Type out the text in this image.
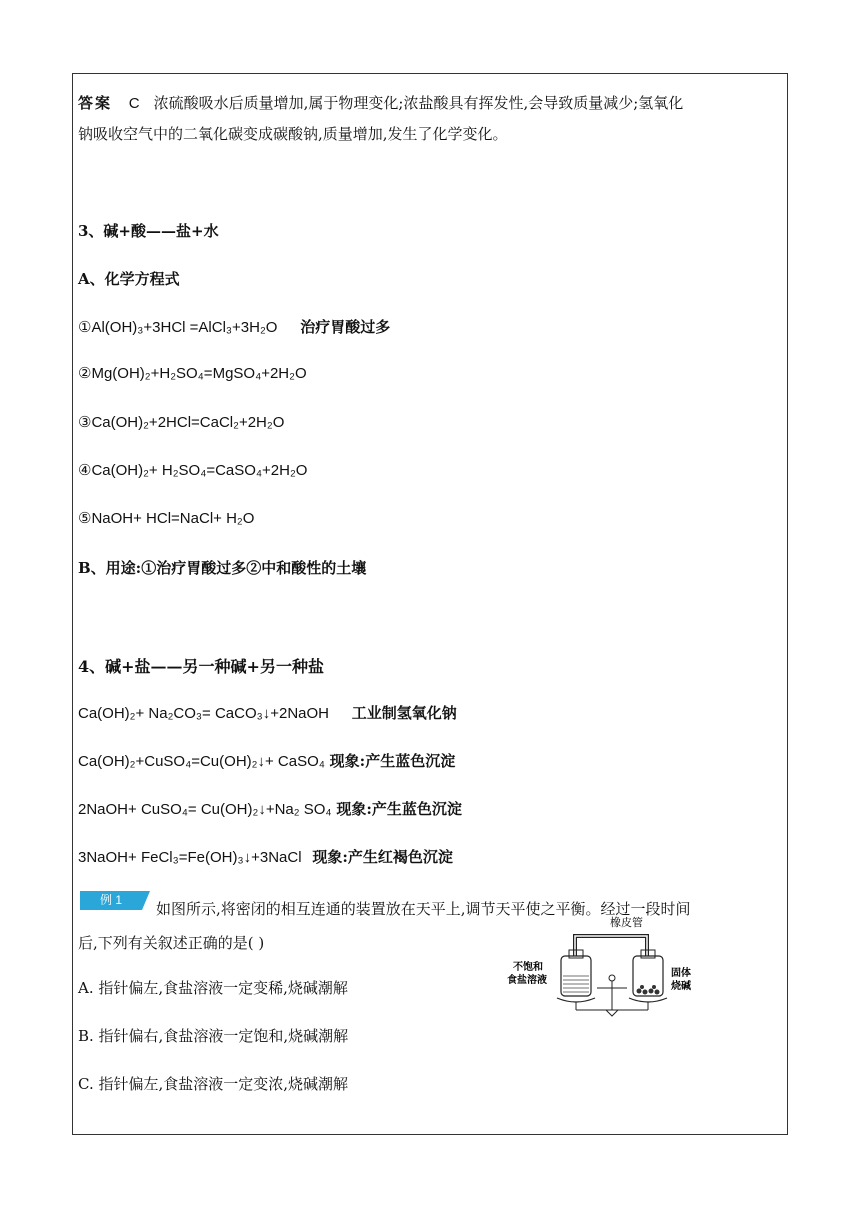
答案 C 浓硫酸吸水后质量增加,属于物理变化;浓盐酸具有挥发性,会导致质量减少;氢氧化
钠吸收空气中的二氧化碳变成碳酸钠,质量增加,发生了化学变化。
3、碱+酸——盐+水
A、化学方程式
①Al(OH)₃+3HCl =AlCl₃+3H₂O 治疗胃酸过多
②Mg(OH)₂+H₂SO₄=MgSO₄+2H₂O
③Ca(OH)₂+2HCl=CaCl₂+2H₂O
④Ca(OH)₂+ H₂SO₄=CaSO₄+2H₂O
⑤NaOH+ HCl=NaCl+ H₂O
B、用途:①治疗胃酸过多②中和酸性的土壤
4、碱+盐——另一种碱+另一种盐
Ca(OH)₂+ Na₂CO₃= CaCO₃↓+2NaOH 工业制氢氧化钠
Ca(OH)₂+CuSO₄=Cu(OH)₂↓+ CaSO₄ 现象:产生蓝色沉淀
2NaOH+ CuSO₄= Cu(OH)₂↓+Na₂ SO₄ 现象:产生蓝色沉淀
3NaOH+ FeCl₃=Fe(OH)₃↓+3NaCl 现象:产生红褐色沉淀
例 1	如图所示,将密闭的相互连通的装置放在天平上,调节天平使之平衡。经过一段时间
后,下列有关叙述正确的是( )
A. 指针偏左,食盐溶液一定变稀,烧碱潮解
B. 指针偏右,食盐溶液一定饱和,烧碱潮解
C. 指针偏左,食盐溶液一定变浓,烧碱潮解
橡皮管
不饱和
食盐溶液
固体
烧碱
